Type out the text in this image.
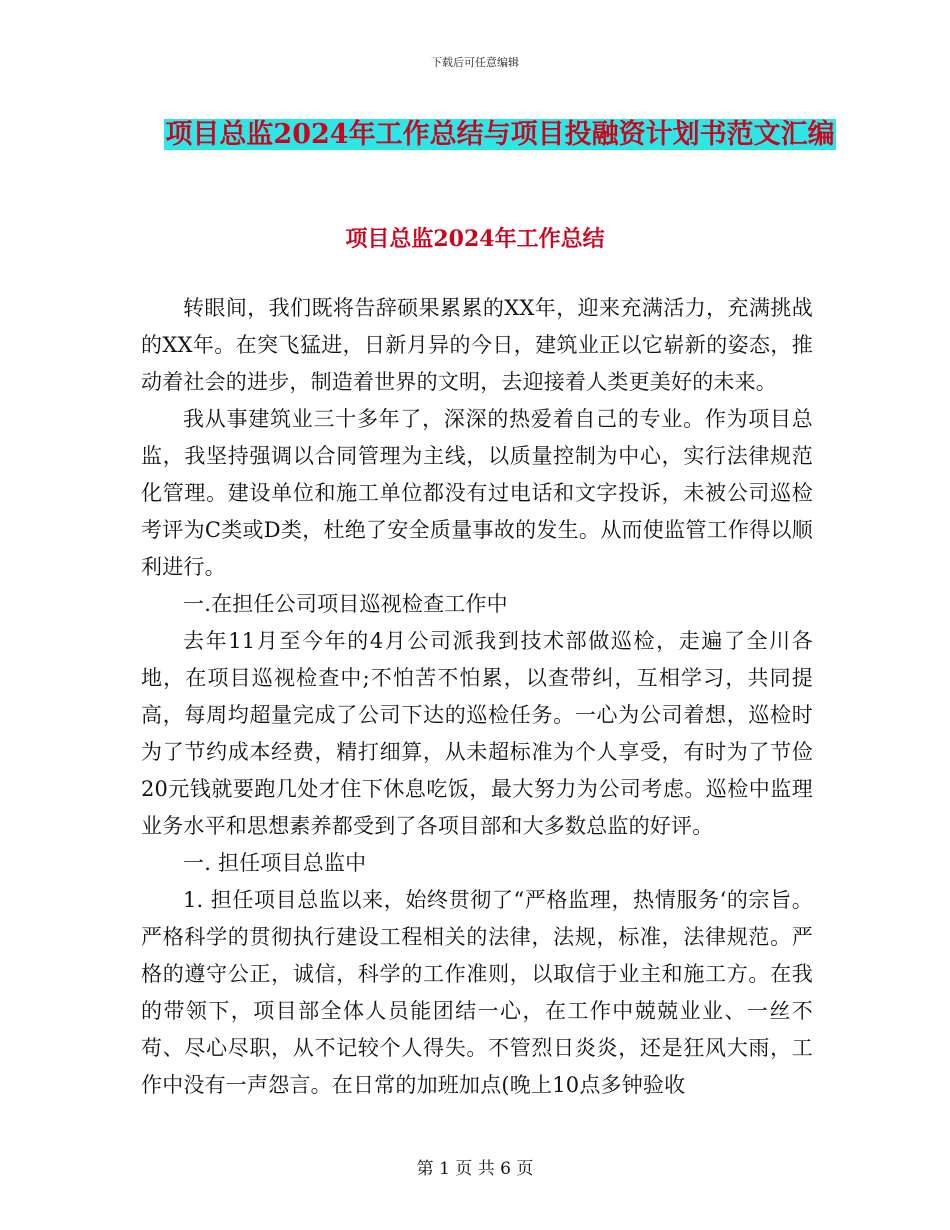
下载后可任意编辑
项目总监2024年工作总结与项目投融资计划书范文汇编
项目总监2024年工作总结

转眼间，我们既将告辞硕果累累的XX年，迎来充满活力，充满挑战的XX年。在突飞猛进，日新月异的今日，建筑业正以它崭新的姿态，推动着社会的进步，制造着世界的文明，去迎接着人类更美好的未来。

我从事建筑业三十多年了，深深的热爱着自己的专业。作为项目总监，我坚持强调以合同管理为主线，以质量控制为中心，实行法律规范化管理。建设单位和施工单位都没有过电话和文字投诉，未被公司巡检考评为C类或D类，杜绝了安全质量事故的发生。从而使监管工作得以顺利进行。

一.在担任公司项目巡视检查工作中

去年11月至今年的4月公司派我到技术部做巡检，走遍了全川各地，在项目巡视检查中;不怕苦不怕累，以查带纠，互相学习，共同提高，每周均超量完成了公司下达的巡检任务。一心为公司着想，巡检时为了节约成本经费，精打细算，从未超标准为个人享受，有时为了节俭20元钱就要跑几处才住下休息吃饭，最大努力为公司考虑。巡检中监理业务水平和思想素养都受到了各项目部和大多数总监的好评。

一. 担任项目总监中

1. 担任项目总监以来，始终贯彻了“严格监理，热情服务‘的宗旨。严格科学的贯彻执行建设工程相关的法律，法规，标准，法律规范。严格的遵守公正，诚信，科学的工作准则，以取信于业主和施工方。在我的带领下，项目部全体人员能团结一心，在工作中兢兢业业、一丝不苟、尽心尽职，从不记较个人得失。不管烈日炎炎，还是狂风大雨，工作中没有一声怨言。在日常的加班加点(晚上10点多钟验收

第 1 页 共 6 页
